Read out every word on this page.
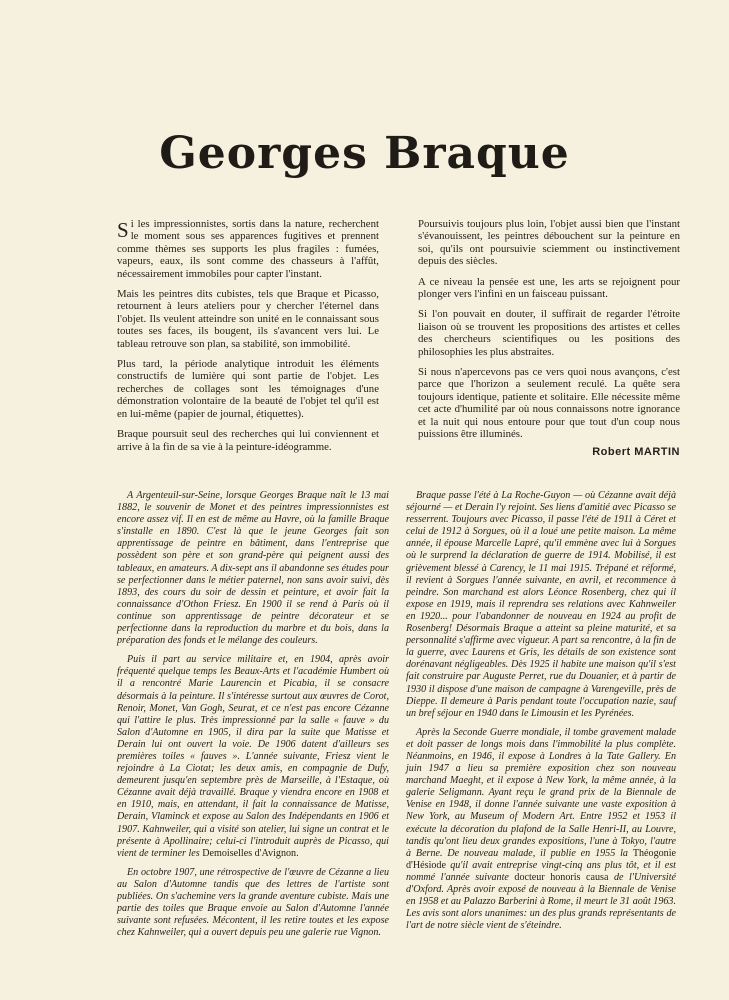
Georges Braque

Si les impressionnistes, sortis dans la nature, recherchent le moment sous ses apparences fugitives et prennent comme thèmes ses supports les plus fragiles : fumées, vapeurs, eaux, ils sont comme des chasseurs à l'affût, nécessairement immobiles pour capter l'instant.

Mais les peintres dits cubistes, tels que Braque et Picasso, retournent à leurs ateliers pour y chercher l'éternel dans l'objet. Ils veulent atteindre son unité en le connaissant sous toutes ses faces, ils bougent, ils s'avancent vers lui. Le tableau retrouve son plan, sa stabilité, son immobilité.

Plus tard, la période analytique introduit les éléments constructifs de lumière qui sont partie de l'objet. Les recherches de collages sont les témoignages d'une démonstration volontaire de la beauté de l'objet tel qu'il est en lui-même (papier de journal, étiquettes).

Braque poursuit seul des recherches qui lui conviennent et arrive à la fin de sa vie à la peinture-idéogramme.

Poursuivis toujours plus loin, l'objet aussi bien que l'instant s'évanouissent, les peintres débouchent sur la peinture en soi, qu'ils ont poursuivie sciemment ou instinctivement depuis des siècles.

A ce niveau la pensée est une, les arts se rejoignent pour plonger vers l'infini en un faisceau puissant.

Si l'on pouvait en douter, il suffirait de regarder l'étroite liaison où se trouvent les propositions des artistes et celles des chercheurs scientifiques ou les positions des philosophies les plus abstraites.

Si nous n'apercevons pas ce vers quoi nous avançons, c'est parce que l'horizon a seulement reculé. La quête sera toujours identique, patiente et solitaire. Elle nécessite même cet acte d'humilité par où nous connaissons notre ignorance et la nuit qui nous entoure pour que tout d'un coup nous puissions être illuminés.

Robert MARTIN

A Argenteuil-sur-Seine, lorsque Georges Braque naît le 13 mai 1882, le souvenir de Monet et des peintres impressionnistes est encore assez vif. Il en est de même au Havre, où la famille Braque s'installe en 1890. C'est là que le jeune Georges fait son apprentissage de peintre en bâtiment, dans l'entreprise que possèdent son père et son grand-père qui peignent aussi des tableaux, en amateurs. A dix-sept ans il abandonne ses études pour se perfectionner dans le métier paternel, non sans avoir suivi, dès 1893, des cours du soir de dessin et peinture, et avoir fait la connaissance d'Othon Friesz. En 1900 il se rend à Paris où il continue son apprentissage de peintre décorateur et se perfectionne dans la reproduction du marbre et du bois, dans la préparation des fonds et le mélange des couleurs.

Puis il part au service militaire et, en 1904, après avoir fréquenté quelque temps les Beaux-Arts et l'académie Humbert où il a rencontré Marie Laurencin et Picabia, il se consacre désormais à la peinture. Il s'intéresse surtout aux œuvres de Corot, Renoir, Monet, Van Gogh, Seurat, et ce n'est pas encore Cézanne qui l'attire le plus. Très impressionné par la salle « fauve » du Salon d'Automne en 1905, il dira par la suite que Matisse et Derain lui ont ouvert la voie. De 1906 datent d'ailleurs ses premières toiles « fauves ». L'année suivante, Friesz vient le rejoindre à La Ciotat; les deux amis, en compagnie de Dufy, demeurent jusqu'en septembre près de Marseille, à l'Estaque, où Cézanne avait déjà travaillé. Braque y viendra encore en 1908 et en 1910, mais, en attendant, il fait la connaissance de Matisse, Derain, Vlaminck et expose au Salon des Indépendants en 1906 et 1907. Kahnweiler, qui a visité son atelier, lui signe un contrat et le présente à Apollinaire; celui-ci l'introduit auprès de Picasso, qui vient de terminer les Demoiselles d'Avignon.

En octobre 1907, une rétrospective de l'œuvre de Cézanne a lieu au Salon d'Automne tandis que des lettres de l'artiste sont publiées. On s'achemine vers la grande aventure cubiste. Mais une partie des toiles que Braque envoie au Salon d'Automne l'année suivante sont refusées. Mécontent, il les retire toutes et les expose chez Kahnweiler, qui a ouvert depuis peu une galerie rue Vignon.

Braque passe l'été à La Roche-Guyon — où Cézanne avait déjà séjourné — et Derain l'y rejoint. Ses liens d'amitié avec Picasso se resserrent. Toujours avec Picasso, il passe l'été de 1911 à Céret et celui de 1912 à Sorgues, où il a loué une petite maison. La même année, il épouse Marcelle Lapré, qu'il emmène avec lui à Sorgues où le surprend la déclaration de guerre de 1914. Mobilisé, il est grièvement blessé à Carency, le 11 mai 1915. Trépané et réformé, il revient à Sorgues l'année suivante, en avril, et recommence à peindre. Son marchand est alors Léonce Rosenberg, chez qui il expose en 1919, mais il reprendra ses relations avec Kahnweiler en 1920... pour l'abandonner de nouveau en 1924 au profit de Rosenberg! Désormais Braque a atteint sa pleine maturité, et sa personnalité s'affirme avec vigueur. A part sa rencontre, à la fin de la guerre, avec Laurens et Gris, les détails de son existence sont dorénavant négligeables. Dès 1925 il habite une maison qu'il s'est fait construire par Auguste Perret, rue du Douanier, et à partir de 1930 il dispose d'une maison de campagne à Varengeville, près de Dieppe. Il demeure à Paris pendant toute l'occupation nazie, sauf un bref séjour en 1940 dans le Limousin et les Pyrénées.

Après la Seconde Guerre mondiale, il tombe gravement malade et doit passer de longs mois dans l'immobilité la plus complète. Néanmoins, en 1946, il expose à Londres à la Tate Gallery. En juin 1947 a lieu sa première exposition chez son nouveau marchand Maeght, et il expose à New York, la même année, à la galerie Seligmann. Ayant reçu le grand prix de la Biennale de Venise en 1948, il donne l'année suivante une vaste exposition à New York, au Museum of Modern Art. Entre 1952 et 1953 il exécute la décoration du plafond de la Salle Henri-II, au Louvre, tandis qu'ont lieu deux grandes expositions, l'une à Tokyo, l'autre à Berne. De nouveau malade, il publie en 1955 la Théogonie d'Hésiode qu'il avait entreprise vingt-cinq ans plus tôt, et il est nommé l'année suivante docteur honoris causa de l'Université d'Oxford. Après avoir exposé de nouveau à la Biennale de Venise en 1958 et au Palazzo Barberini à Rome, il meurt le 31 août 1963. Les avis sont alors unanimes: un des plus grands représentants de l'art de notre siècle vient de s'éteindre.
